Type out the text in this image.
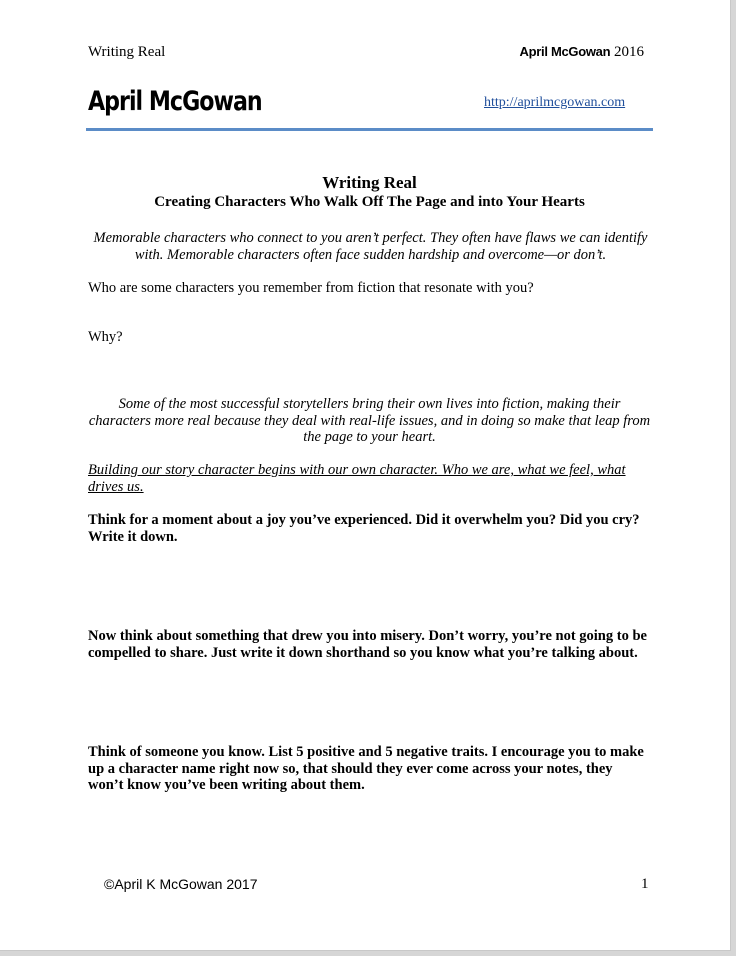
Writing Real	April McGowan 2016
April McGowan	http://aprilmcgowan.com
Writing Real
Creating Characters Who Walk Off The Page and into Your Hearts
Memorable characters who connect to you aren’t perfect. They often have flaws we can identify with. Memorable characters often face sudden hardship and overcome—or don’t.
Who are some characters you remember from fiction that resonate with you?
Why?
Some of the most successful storytellers bring their own lives into fiction, making their characters more real because they deal with real-life issues, and in doing so make that leap from the page to your heart.
Building our story character begins with our own character. Who we are, what we feel, what drives us.
Think for a moment about a joy you’ve experienced. Did it overwhelm you? Did you cry? Write it down.
Now think about something that drew you into misery. Don’t worry, you’re not going to be compelled to share. Just write it down shorthand so you know what you’re talking about.
Think of someone you know. List 5 positive and 5 negative traits. I encourage you to make up a character name right now so, that should they ever come across your notes, they won’t know you’ve been writing about them.
©April K McGowan 2017	1
